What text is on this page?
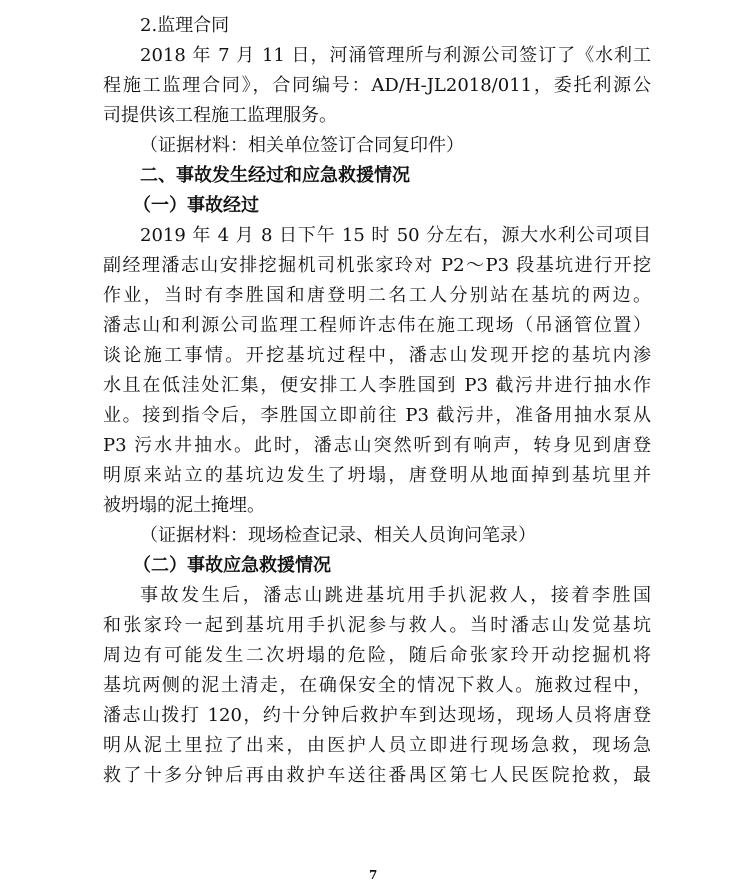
2.监理合同
2018 年 7 月 11 日，河涌管理所与利源公司签订了《水利工
程施工监理合同》，合同编号：AD/H-JL2018/011，委托利源公
司提供该工程施工监理服务。
（证据材料：相关单位签订合同复印件）
二、事故发生经过和应急救援情况
（一）事故经过
2019 年 4 月 8 日下午 15 时 50 分左右，源大水利公司项目
副经理潘志山安排挖掘机司机张家玲对 P2～P3 段基坑进行开挖
作业，当时有李胜国和唐登明二名工人分别站在基坑的两边。
潘志山和利源公司监理工程师许志伟在施工现场（吊涵管位置）
谈论施工事情。开挖基坑过程中，潘志山发现开挖的基坑内渗
水且在低洼处汇集，便安排工人李胜国到 P3 截污井进行抽水作
业。接到指令后，李胜国立即前往 P3 截污井，准备用抽水泵从
P3 污水井抽水。此时，潘志山突然听到有响声，转身见到唐登
明原来站立的基坑边发生了坍塌，唐登明从地面掉到基坑里并
被坍塌的泥土掩埋。
（证据材料：现场检查记录、相关人员询问笔录）
（二）事故应急救援情况
事故发生后，潘志山跳进基坑用手扒泥救人，接着李胜国
和张家玲一起到基坑用手扒泥参与救人。当时潘志山发觉基坑
周边有可能发生二次坍塌的危险，随后命张家玲开动挖掘机将
基坑两侧的泥土清走，在确保安全的情况下救人。施救过程中，
潘志山拨打 120，约十分钟后救护车到达现场，现场人员将唐登
明从泥土里拉了出来，由医护人员立即进行现场急救，现场急
救了十多分钟后再由救护车送往番禺区第七人民医院抢救，最
7
